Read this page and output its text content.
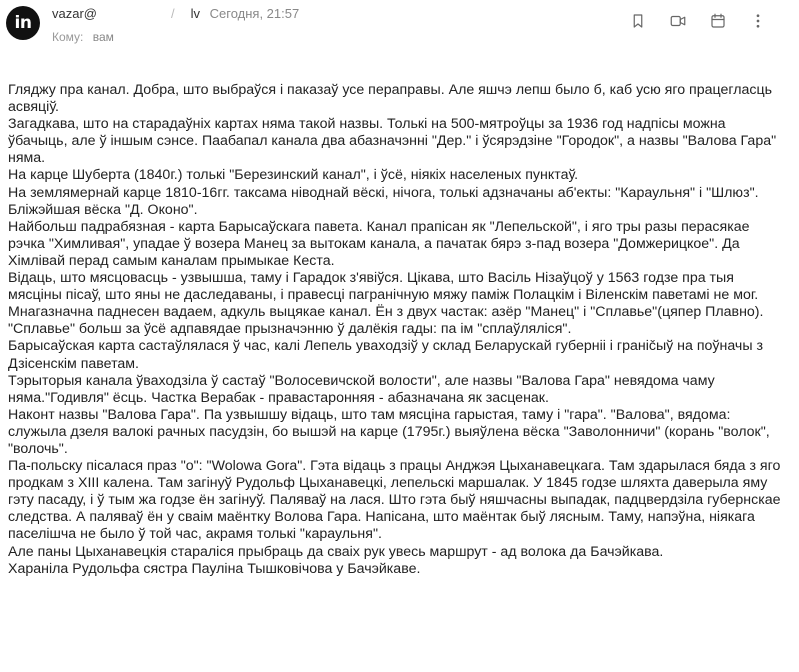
in vazar@	/ lv Сегодня, 21:57
Кому: вам

Гляджу пра канал. Добра, што выбраўся і паказаў усе пераправы. Але яшчэ лепш было б, каб усю яго працегласць асвяціў.

Загадкава, што на старадаўніх картах няма такой назвы. Толькі на 500-мятроўцы за 1936 год надпісы можна ўбачыць, але ў іншым сэнсе. Паабапал канала два абазначэнні "Дер." і ўсярэдзіне "Городок", а назвы "Валова Гара" няма.

На карце Шуберта (1840г.) толькі "Березинский канал", і ўсё, ніякіх населеных пунктаў.

На землямернай карце 1810-16гг. таксама ніводнай вёскі, нічога, толькі адзначаны аб'екты: "Караульня" і "Шлюз". Бліжэйшая вёска "Д. Оконо".

Найбольш падрабязная - карта Барысаўскага павета. Канал прапісан як "Лепельской", і яго тры разы перасякае рэчка "Химливая", упадае ў возера Манец за вытокам канала, а пачатак бярэ з-пад возера "Домжерицкое". Да Хімлівай перад самым каналам прымыкае Кеста.

Відаць, што мясцовасць - узвышша, таму і Гарадок з'явіўся. Цікава, што Васіль Нізаўцоў у 1563 годзе пра тыя мясціны пісаў, што яны не даследаваны, і правесці пагранічную мяжу паміж Полацкім і Віленскім паветамі не мог.

Мнагазначна паднесен вадаем, адкуль выцякае канал. Ён з двух частак: азёр "Манец" і "Сплавье"(цяпер Плавно). "Сплавье" больш за ўсё адпавядае прызначэнню ў далёкія гады: па ім "сплаўляліся".

Барысаўская карта састаўлялася ў час, калі Лепель уваходзіў у склад Беларускай губерніі і граніčыў на поўначы з Дзісенскім паветам.

Тэрыторыя канала ўваходзіла ў састаў "Волосевичской волости", але назвы "Валова Гара" невядома чаму няма."Годивля" ёсць. Частка Верабак - правастаронняя - абазначана як засценак.

Наконт назвы "Валова Гара". Па узвышшу відаць, што там мясціна гарыстая, таму і "гара". "Валова", вядома: служыла дзеля валокі рачных пасудзін, бо вышэй на карце (1795г.) выяўлена вёска "Заволонничи" (корань "волок", "волочь".

Па-польску пісалася праз "о": "Wolowa Gora". Гэта відаць з працы Анджэя Цыханавецкага. Там здарылася бяда з яго продкам з XIII калена. Там загінуў Рудольф Цыханавецкі, лепельскі маршалак. У 1845 годзе шляхта даверыла яму гэту пасаду, і ў тым жа годзе ён загінуў. Паляваў на лася. Што гэта быў няшчасны выпадак, падцвердзіла губернскае следства. А паляваў ён у сваім маёнтку Волова Гара. Напісана, што маёнтак быў лясным. Таму, напэўна, ніякага паселішча не было ў той час, акрамя толькі "караульня".

Але паны Цыханавецкія стараліся прыбраць да сваіх рук увесь маршрут - ад волока да Бачэйкава.

Хараніла Рудольфа сястра Пауліна Тышковічова у Бачэйкаве.
